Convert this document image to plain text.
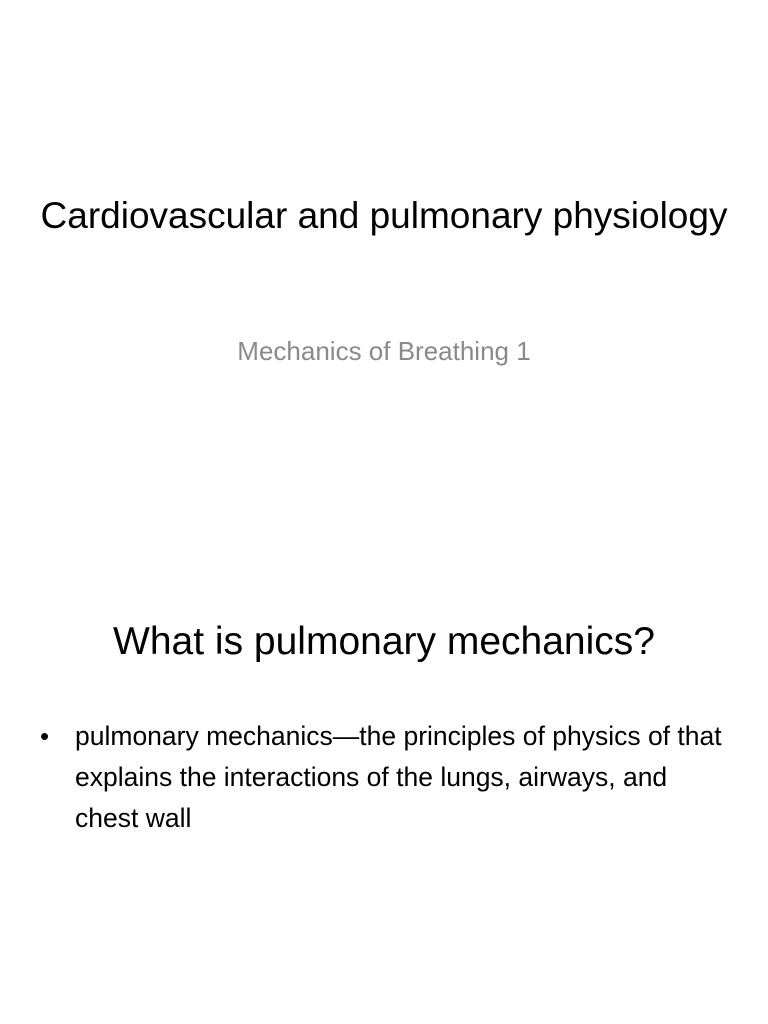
Cardiovascular and pulmonary physiology
Mechanics of Breathing 1
What is pulmonary mechanics?
• pulmonary mechanics—the principles of physics of that explains the interactions of the lungs, airways, and chest wall
